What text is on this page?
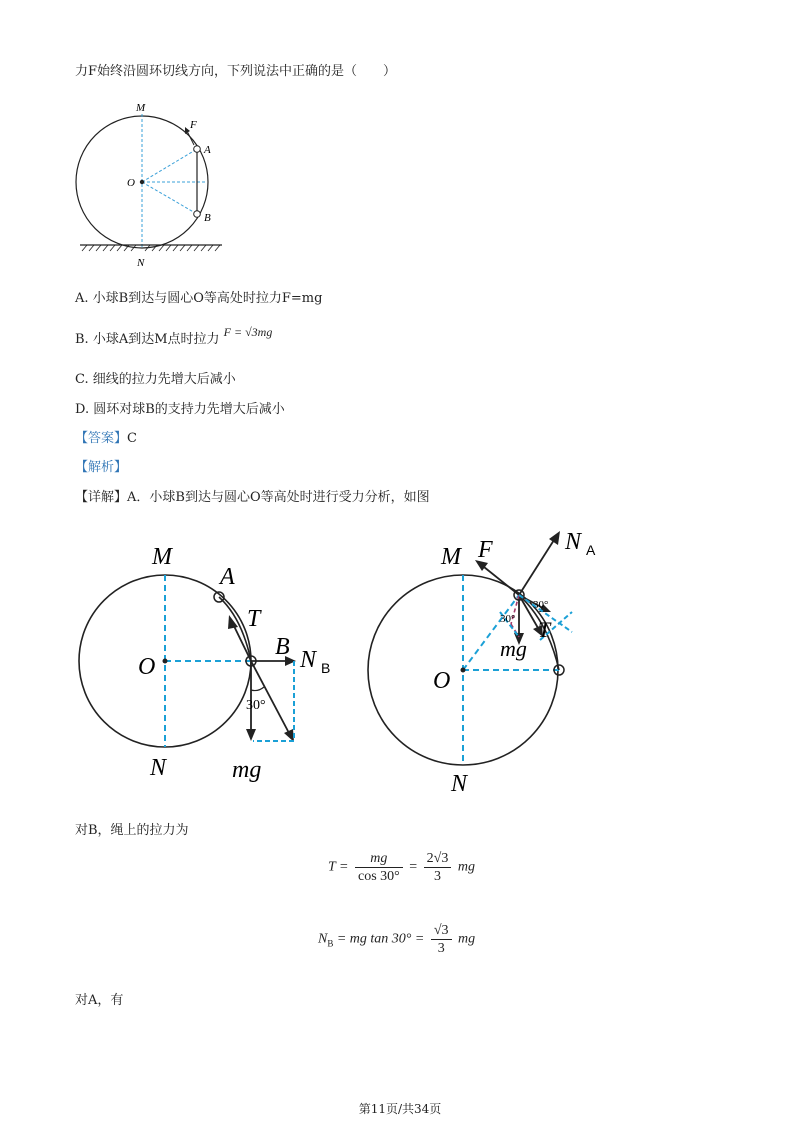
力F始终沿圆环切线方向，下列说法中正确的是（　　）
M
F
A
O
B
N
A. 小球B到达与圆心O等高处时拉力F=mg
B. 小球A到达M点时拉力 F = √3mg
C. 细线的拉力先增大后减小
D. 圆环对球B的支持力先增大后减小
【答案】C
【解析】
【详解】A．小球B到达与圆心O等高处时进行受力分析，如图
M
A
T
B N B
O
30°
N	mg
M F	N A
30°
30°
T
mg
O
N
对B，绳上的拉力为
$T = \frac{mg}{\cos 30^\circ} = \frac{2√3}{3}$ mg
$N_B$ = mg $\tan 30^\circ = \frac{√3}{3}$ mg
对A，有
第11页/共34页
